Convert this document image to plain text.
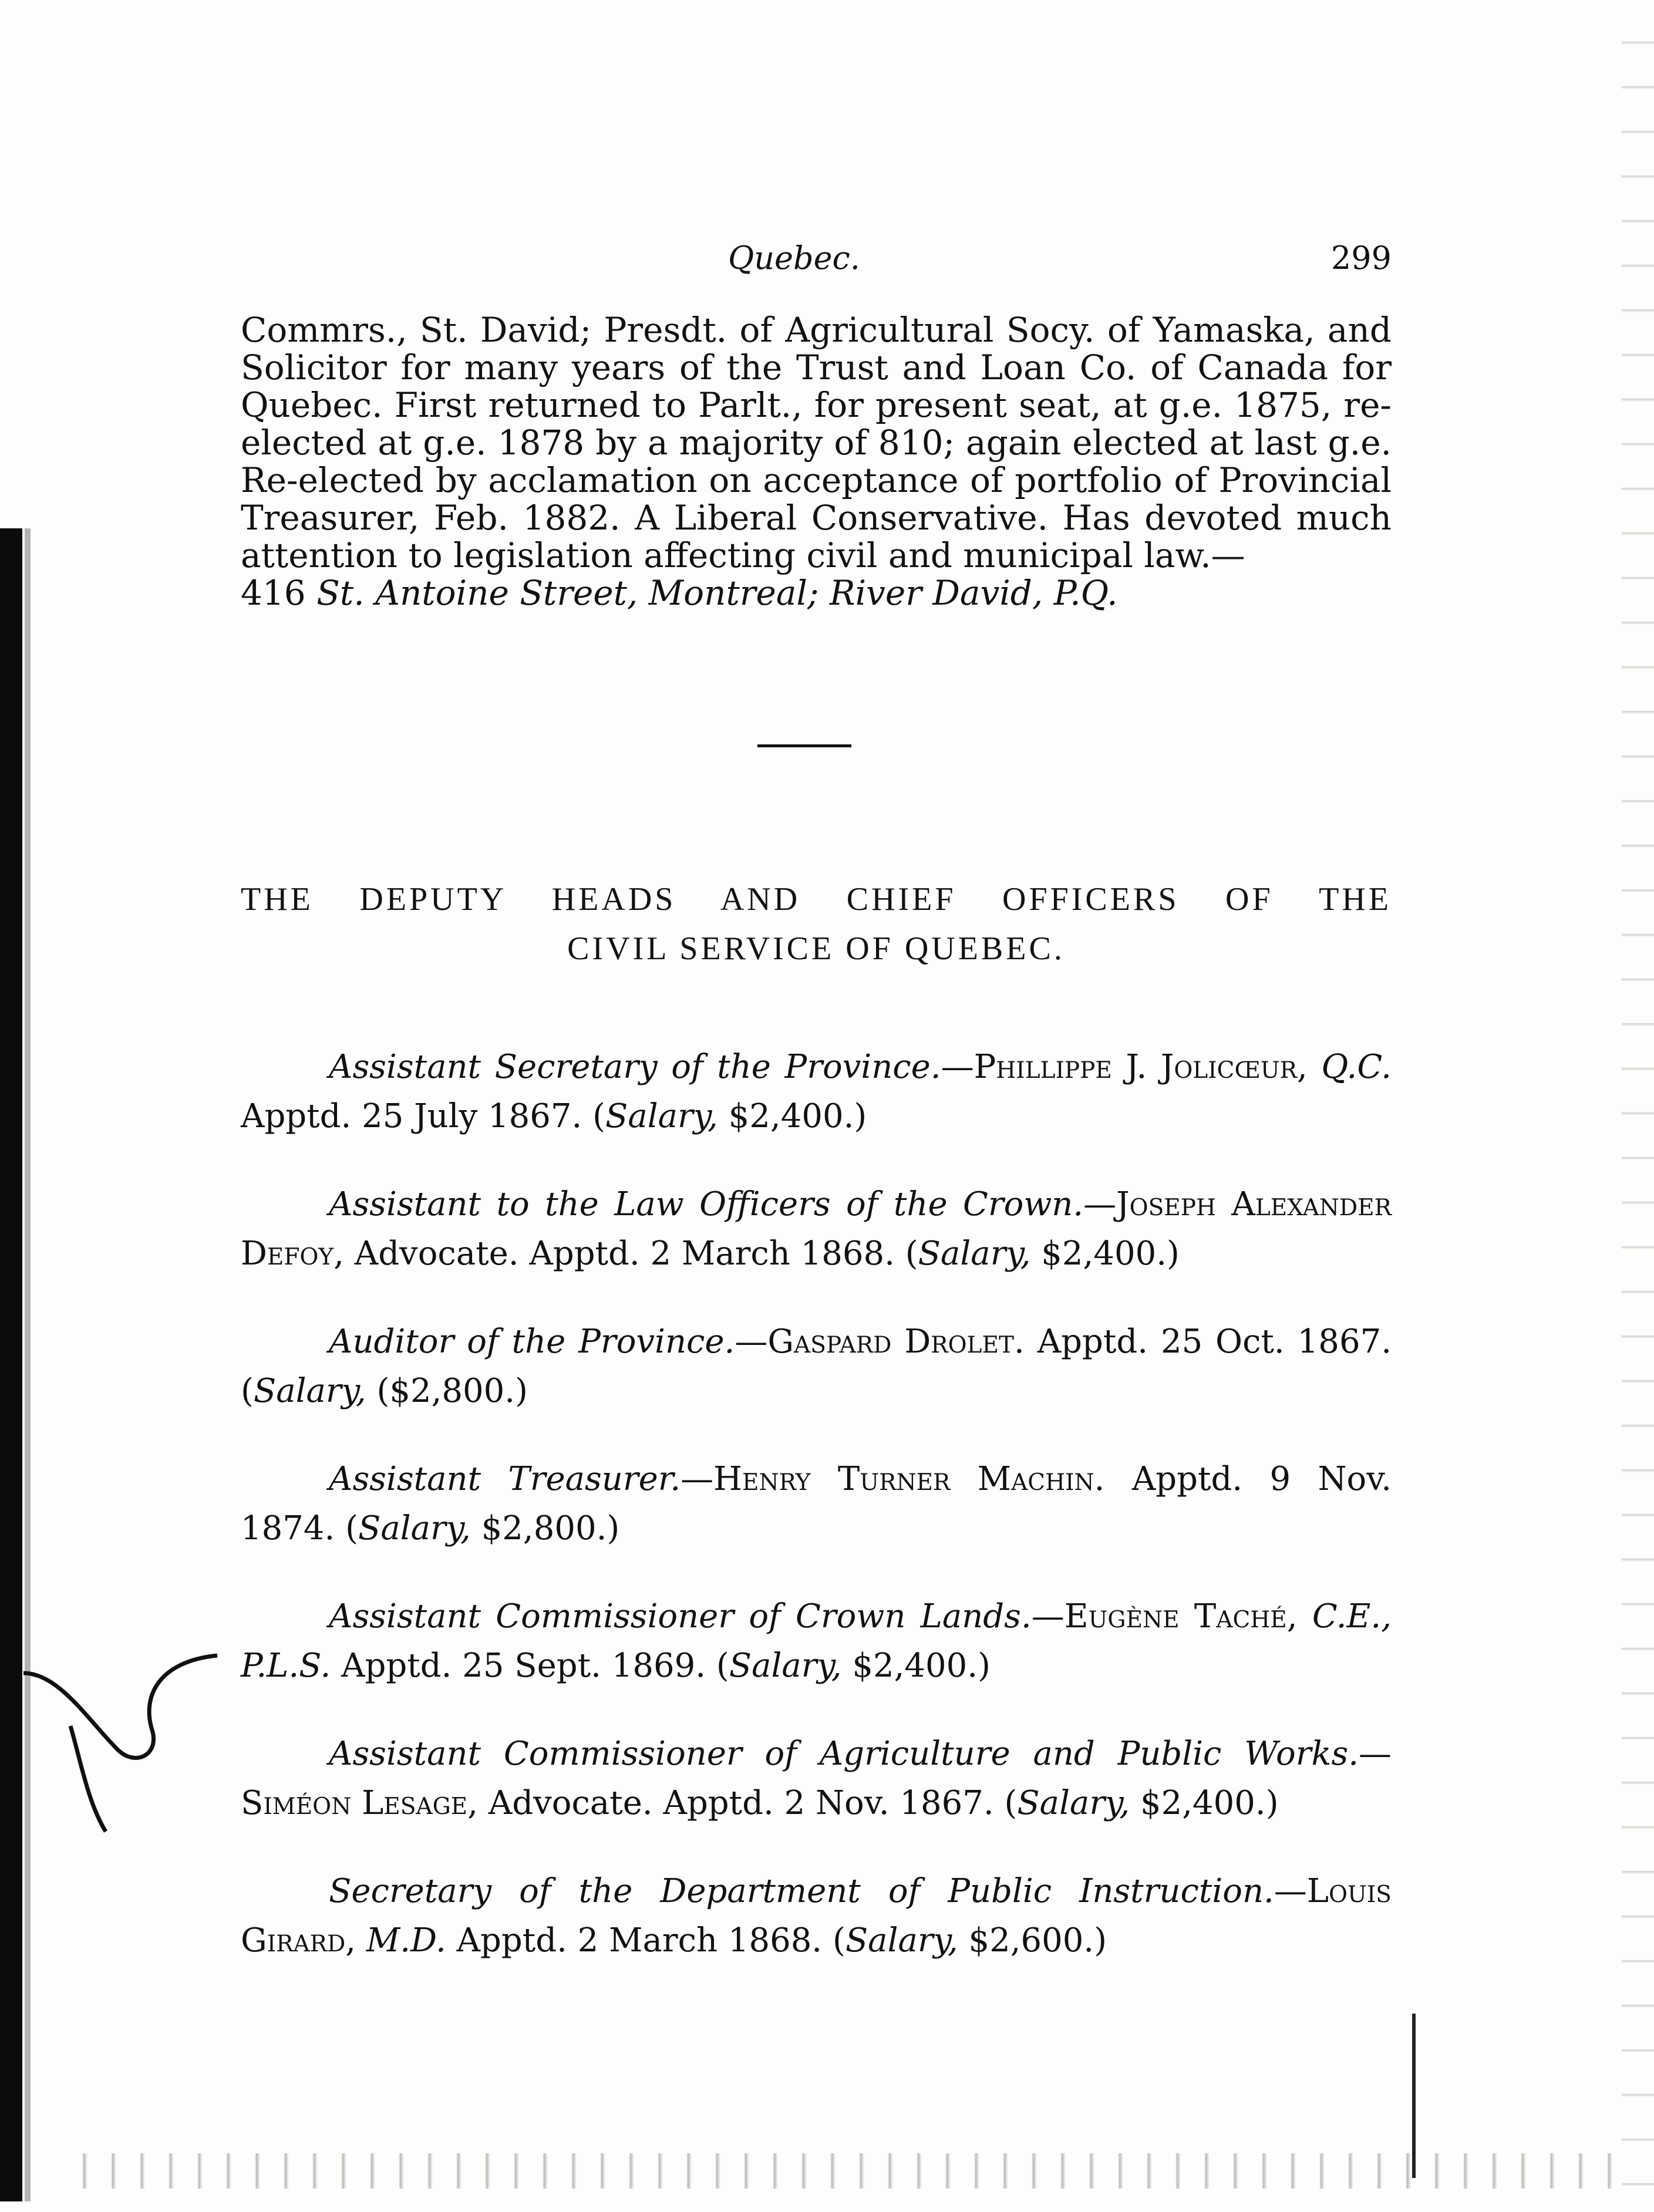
Quebec.	299
Commrs., St. David; Presdt. of Agricultural Socy. of Yamaska, and Solicitor for many years of the Trust and Loan Co. of Canada for Quebec. First returned to Parlt., for present seat, at g.e. 1875, re-elected at g.e. 1878 by a majority of 810; again elected at last g.e. Re-elected by acclamation on acceptance of portfolio of Provincial Treasurer, Feb. 1882. A Liberal Conservative. Has devoted much attention to legislation affecting civil and municipal law.—
416 St. Antoine Street, Montreal; River David, P.Q.
THE DEPUTY HEADS AND CHIEF OFFICERS OF THE
CIVIL SERVICE OF QUEBEC.

Assistant Secretary of the Province.—Phillippe J. Jolicœur, Q.C. Apptd. 25 July 1867. (Salary, $2,400.)

Assistant to the Law Officers of the Crown.—Joseph Alexander Defoy, Advocate. Apptd. 2 March 1868. (Salary, $2,400.)

Auditor of the Province.—Gaspard Drolet. Apptd. 25 Oct. 1867. (Salary, ($2,800.)

Assistant Treasurer.—Henry Turner Machin. Apptd. 9 Nov. 1874. (Salary, $2,800.)

Assistant Commissioner of Crown Lands.—Eugène Taché, C.E., P.L.S. Apptd. 25 Sept. 1869. (Salary, $2,400.)

Assistant Commissioner of Agriculture and Public Works.—Siméon Lesage, Advocate. Apptd. 2 Nov. 1867. (Salary, $2,400.)

Secretary of the Department of Public Instruction.—Louis Girard, M.D. Apptd. 2 March 1868. (Salary, $2,600.)
